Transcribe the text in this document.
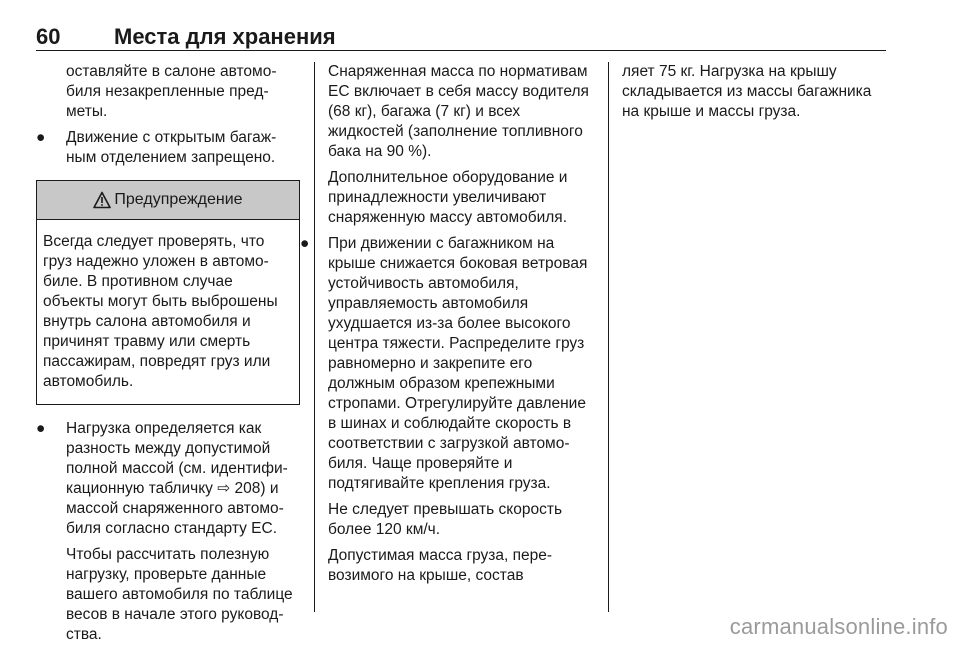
60 Места для хранения

оставляйте в салоне автомобиля незакрепленные предметы.

● Движение с открытым багажным отделением запрещено.
Предупреждение
Всегда следует проверять, что груз надежно уложен в автомобиле. В противном случае объекты могут быть выброшены внутрь салона автомобиля и причинят травму или смерть пассажирам, повредят груз или автомобиль.
● Нагрузка определяется как разность между допустимой полной массой (см. идентификационную табличку ⇨ 208) и массой снаряженного автомобиля согласно стандарту ЕС.

Чтобы рассчитать полезную нагрузку, проверьте данные вашего автомобиля по таблице весов в начале этого руководства.

Снаряженная масса по нормативам ЕС включает в себя массу водителя (68 кг), багажа (7 кг) и всех жидкостей (заполнение топливного бака на 90 %).

Дополнительное оборудование и принадлежности увеличивают снаряженную массу автомобиля.

● При движении с багажником на крыше снижается боковая ветровая устойчивость автомобиля, управляемость автомобиля ухудшается из-за более высокого центра тяжести. Распределите груз равномерно и закрепите его должным образом крепежными стропами. Отрегулируйте давление в шинах и соблюдайте скорость в соответствии с загрузкой автомобиля. Чаще проверяйте и подтягивайте крепления груза.

Не следует превышать скорость более 120 км/ч.

Допустимая масса груза, перевозимого на крыше, состав

ляет 75 кг. Нагрузка на крышу складывается из массы багажника на крыше и массы груза.

carmanualsonline.info
